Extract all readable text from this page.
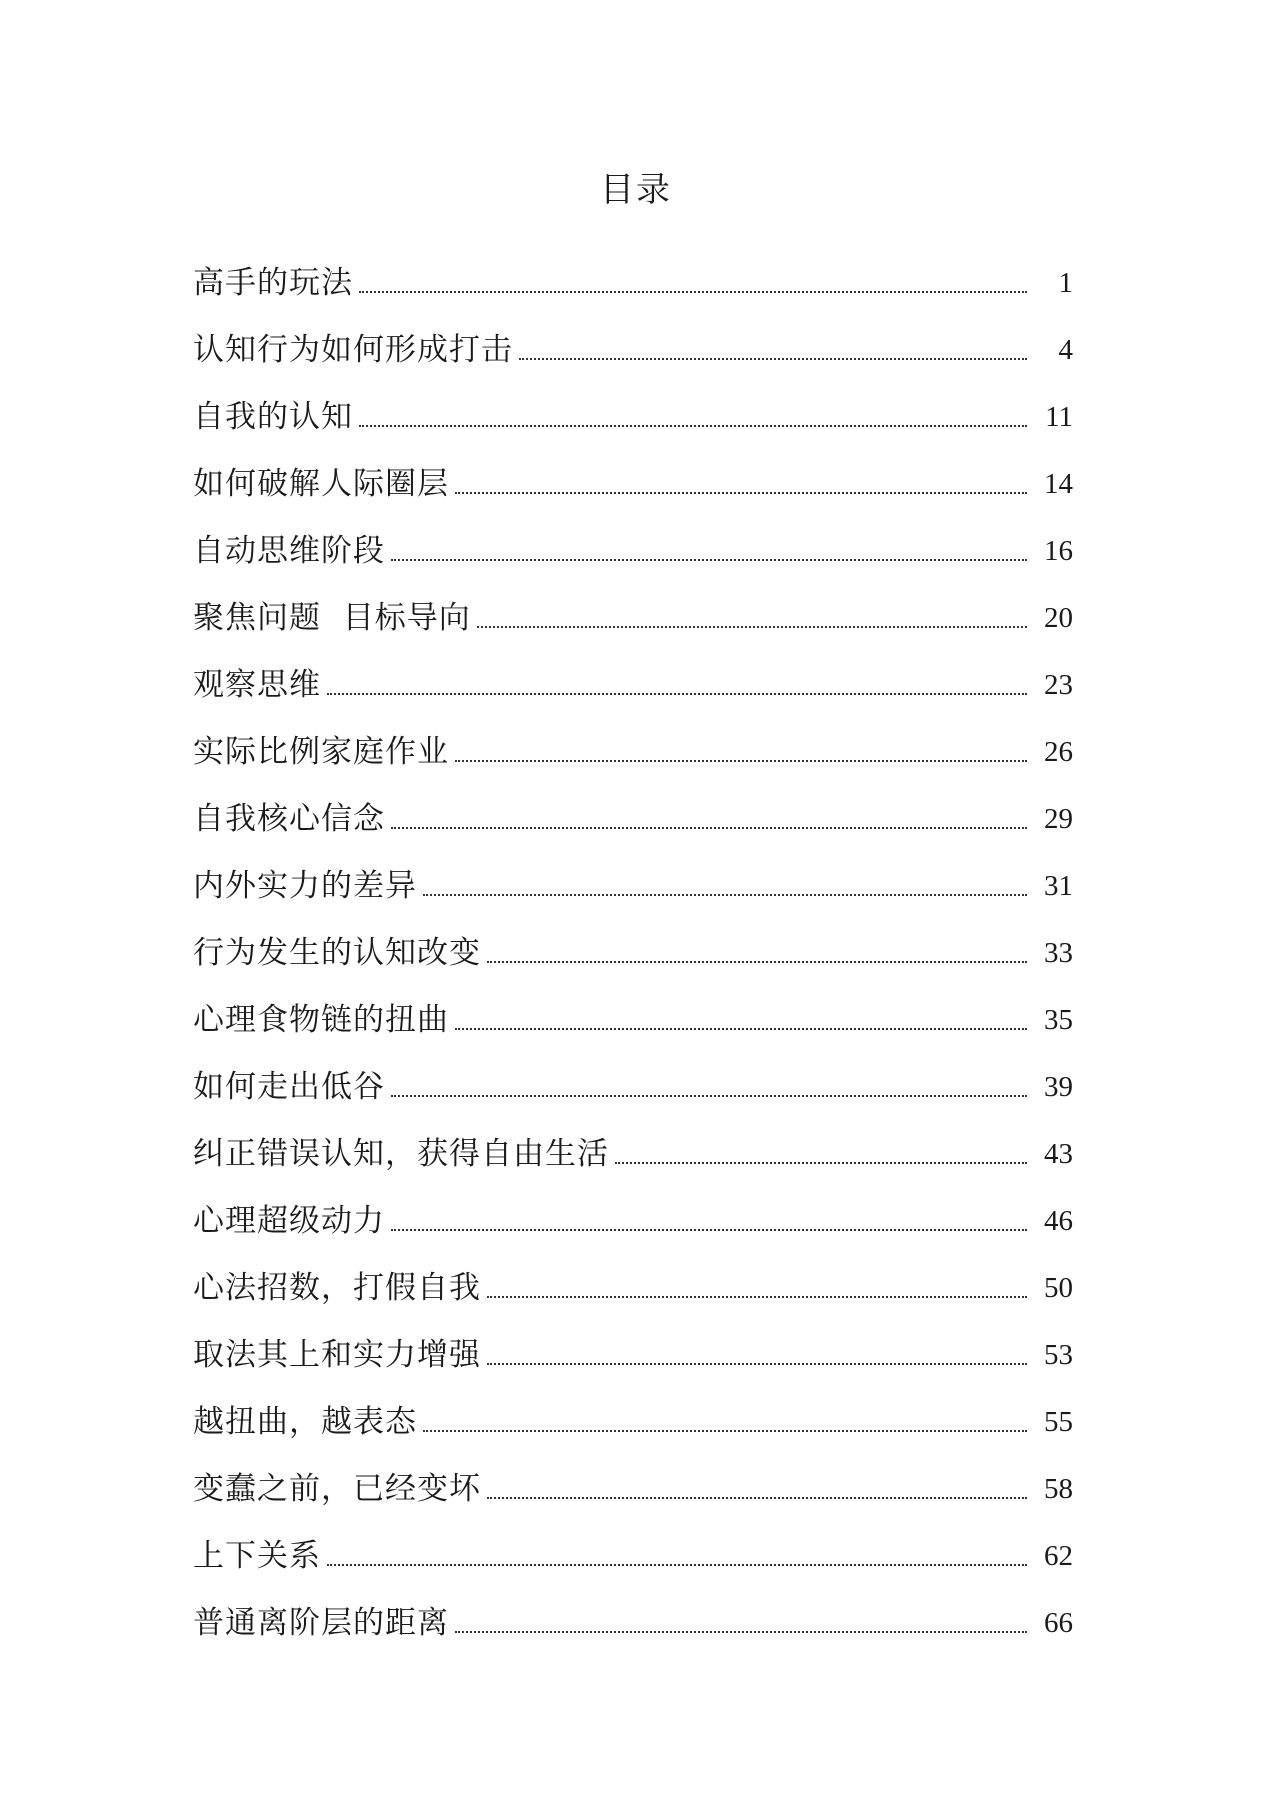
目录
高手的玩法	1
认知行为如何形成打击	4
自我的认知	11
如何破解人际圈层	14
自动思维阶段	16
聚焦问题  目标导向	20
观察思维	23
实际比例家庭作业	26
自我核心信念	29
内外实力的差异	31
行为发生的认知改变	33
心理食物链的扭曲	35
如何走出低谷	39
纠正错误认知，获得自由生活	43
心理超级动力	46
心法招数，打假自我	50
取法其上和实力增强	53
越扭曲，越表态	55
变蠢之前，已经变坏	58
上下关系	62
普通离阶层的距离	66
